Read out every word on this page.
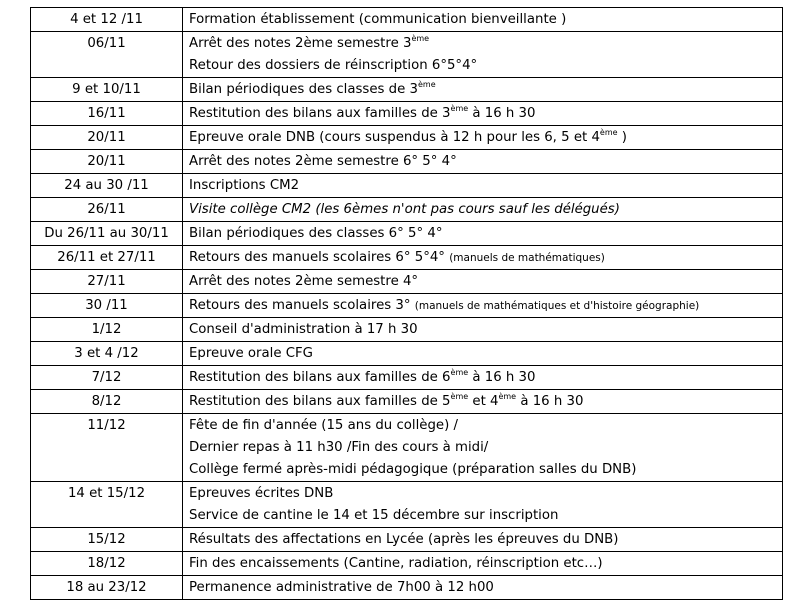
4 et 12 /11	Formation établissement (communication bienveillante )

06/11	Arrêt des notes 2ème semestre 3ème
Retour des dossiers de réinscription 6°5°4°

9 et 10/11	Bilan périodiques des classes de 3ème

16/11	Restitution des bilans aux familles de 3ème à 16 h 30

20/11	Epreuve orale DNB (cours suspendus à 12 h pour les 6, 5 et 4ème )

20/11	Arrêt des notes 2ème semestre 6° 5° 4°

24 au 30 /11	Inscriptions CM2

26/11	Visite collège CM2 (les 6èmes n'ont pas cours sauf les délégués)

Du 26/11 au 30/11	Bilan périodiques des classes 6° 5° 4°

26/11 et 27/11	Retours des manuels scolaires 6° 5°4° (manuels de mathématiques)

27/11	Arrêt des notes 2ème semestre 4°

30 /11	Retours des manuels scolaires 3° (manuels de mathématiques et d'histoire géographie)

1/12	Conseil d'administration à 17 h 30

3 et 4 /12	Epreuve orale CFG

7/12	Restitution des bilans aux familles de 6ème à 16 h 30

8/12	Restitution des bilans aux familles de 5ème et 4ème à 16 h 30

11/12	Fête de fin d'année (15 ans du collège) /
Dernier repas à 11 h30 /Fin des cours à midi/
Collège fermé après-midi pédagogique (préparation salles du DNB)

14 et 15/12	Epreuves écrites DNB
Service de cantine le 14 et 15 décembre sur inscription

15/12	Résultats des affectations en Lycée (après les épreuves du DNB)

18/12	Fin des encaissements (Cantine, radiation, réinscription etc…)

18 au 23/12	Permanence administrative de 7h00 à 12 h00
